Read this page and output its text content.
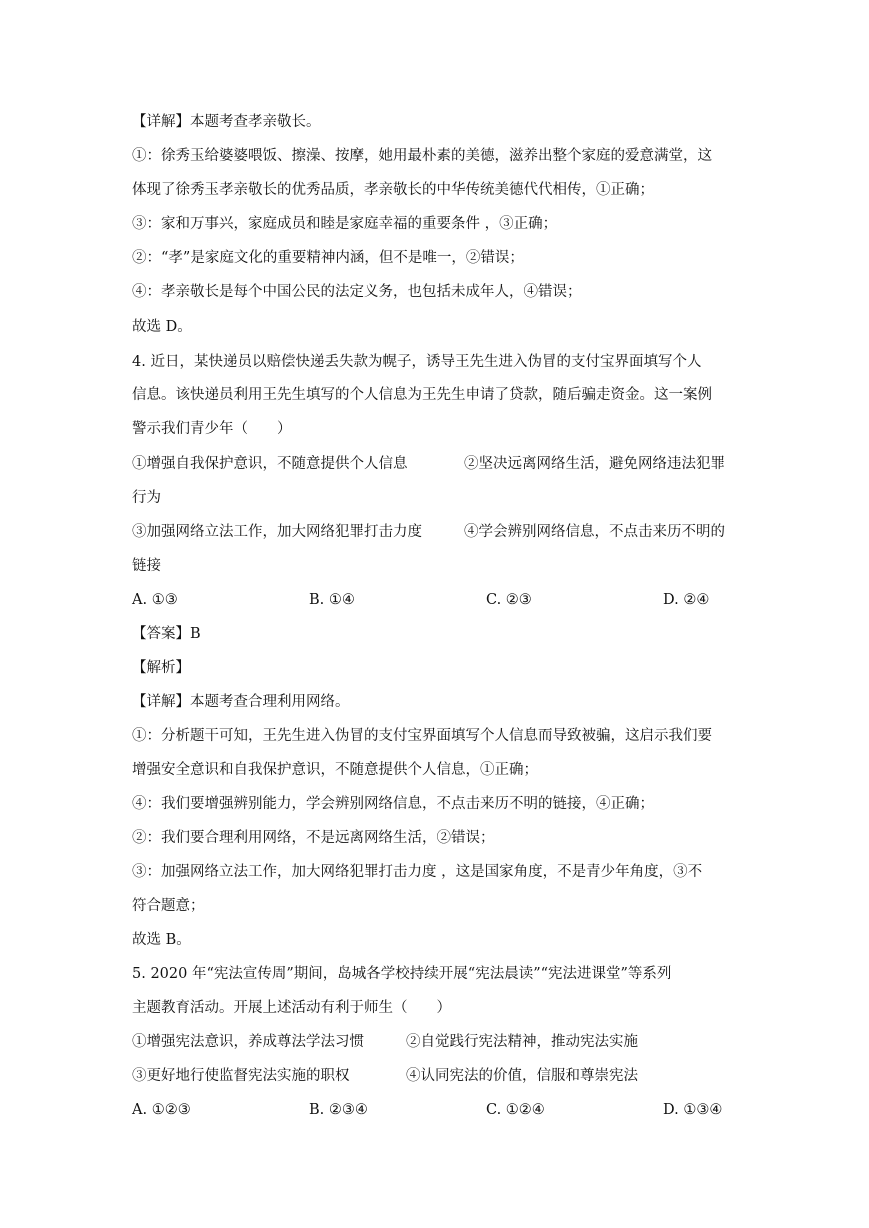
【详解】本题考查孝亲敬长。
①：徐秀玉给婆婆喂饭、擦澡、按摩，她用最朴素的美德，滋养出整个家庭的爱意满堂，这
体现了徐秀玉孝亲敬长的优秀品质，孝亲敬长的中华传统美德代代相传，①正确；
③：家和万事兴，家庭成员和睦是家庭幸福的重要条件 ，③正确；
②：“孝”是家庭文化的重要精神内涵，但不是唯一，②错误；
④：孝亲敬长是每个中国公民的法定义务，也包括未成年人，④错误；
故选 D。
4. 近日，某快递员以赔偿快递丢失款为幌子，诱导王先生进入伪冒的支付宝界面填写个人
信息。该快递员利用王先生填写的个人信息为王先生申请了贷款，随后骗走资金。这一案例
警示我们青少年（　　）
①增强自我保护意识，不随意提供个人信息	②坚决远离网络生活，避免网络违法犯罪
行为
③加强网络立法工作，加大网络犯罪打击力度	④学会辨别网络信息，不点击来历不明的
链接
A. ①③	B. ①④	C. ②③	D. ②④
【答案】B
【解析】
【详解】本题考查合理利用网络。
①：分析题干可知，王先生进入伪冒的支付宝界面填写个人信息而导致被骗，这启示我们要
增强安全意识和自我保护意识，不随意提供个人信息，①正确；
④：我们要增强辨别能力，学会辨别网络信息，不点击来历不明的链接，④正确；
②：我们要合理利用网络，不是远离网络生活，②错误；
③：加强网络立法工作，加大网络犯罪打击力度 ，这是国家角度，不是青少年角度，③不
符合题意；
故选 B。
5. 2020 年“宪法宣传周”期间，岛城各学校持续开展“宪法晨读”“宪法进课堂”等系列
主题教育活动。开展上述活动有利于师生（　　）
①增强宪法意识，养成尊法学法习惯	②自觉践行宪法精神，推动宪法实施
③更好地行使监督宪法实施的职权	④认同宪法的价值，信服和尊崇宪法
A. ①②③	B. ②③④	C. ①②④	D. ①③④
